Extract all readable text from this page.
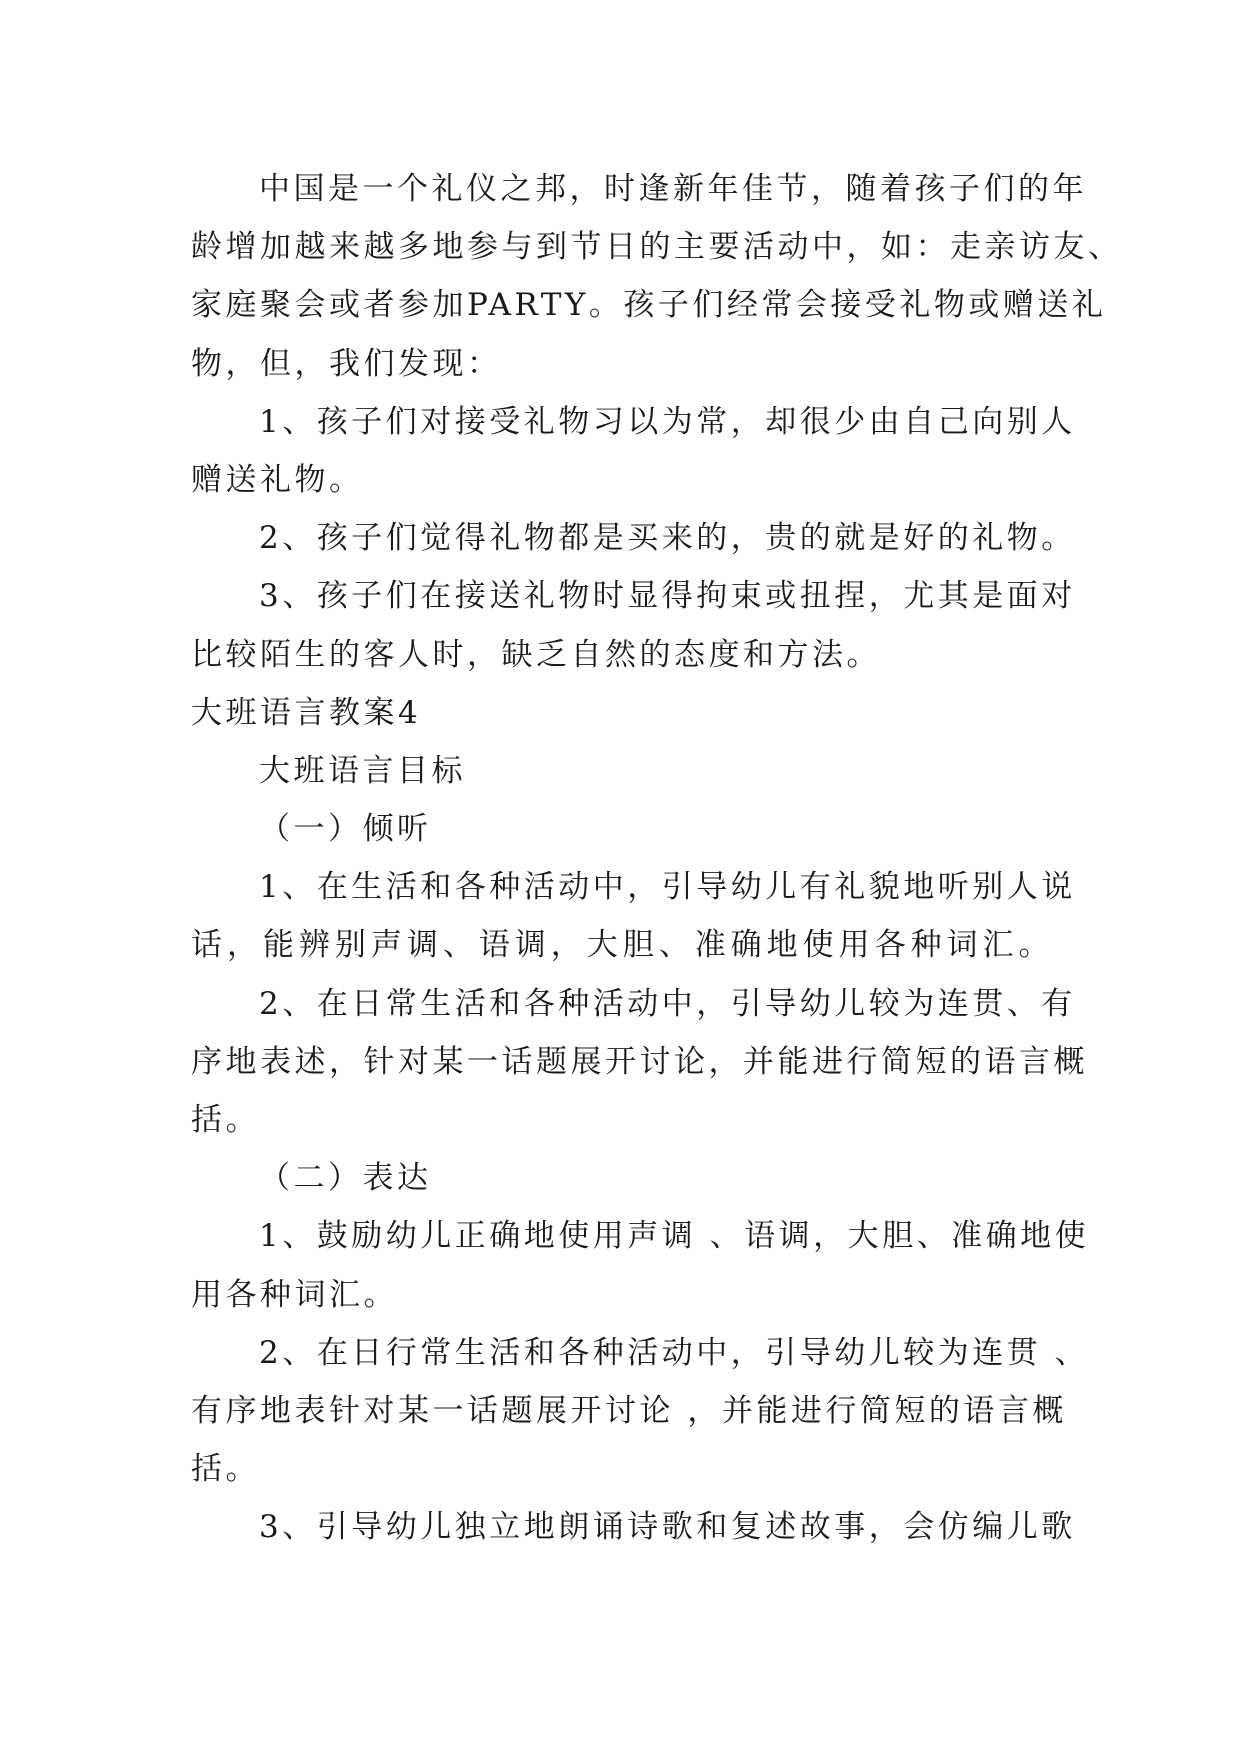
中国是一个礼仪之邦，时逢新年佳节，随着孩子们的年
龄增加越来越多地参与到节日的主要活动中，如：走亲访友、
家庭聚会或者参加PARTY。孩子们经常会接受礼物或赠送礼
物，但，我们发现：
1、孩子们对接受礼物习以为常，却很少由自己向别人
赠送礼物。
2、孩子们觉得礼物都是买来的，贵的就是好的礼物。
3、孩子们在接送礼物时显得拘束或扭捏，尤其是面对
比较陌生的客人时，缺乏自然的态度和方法。
大班语言教案4
大班语言目标
（一）倾听
1、在生活和各种活动中，引导幼儿有礼貌地听别人说
话，能辨别声调、语调，大胆、准确地使用各种词汇。
2、在日常生活和各种活动中，引导幼儿较为连贯、有
序地表述，针对某一话题展开讨论，并能进行简短的语言概
括。
（二）表达
1、鼓励幼儿正确地使用声调 、语调，大胆、准确地使
用各种词汇。
2、在日行常生活和各种活动中，引导幼儿较为连贯 、
有序地表针对某一话题展开讨论 ，并能进行简短的语言概
括。
3、引导幼儿独立地朗诵诗歌和复述故事，会仿编儿歌
